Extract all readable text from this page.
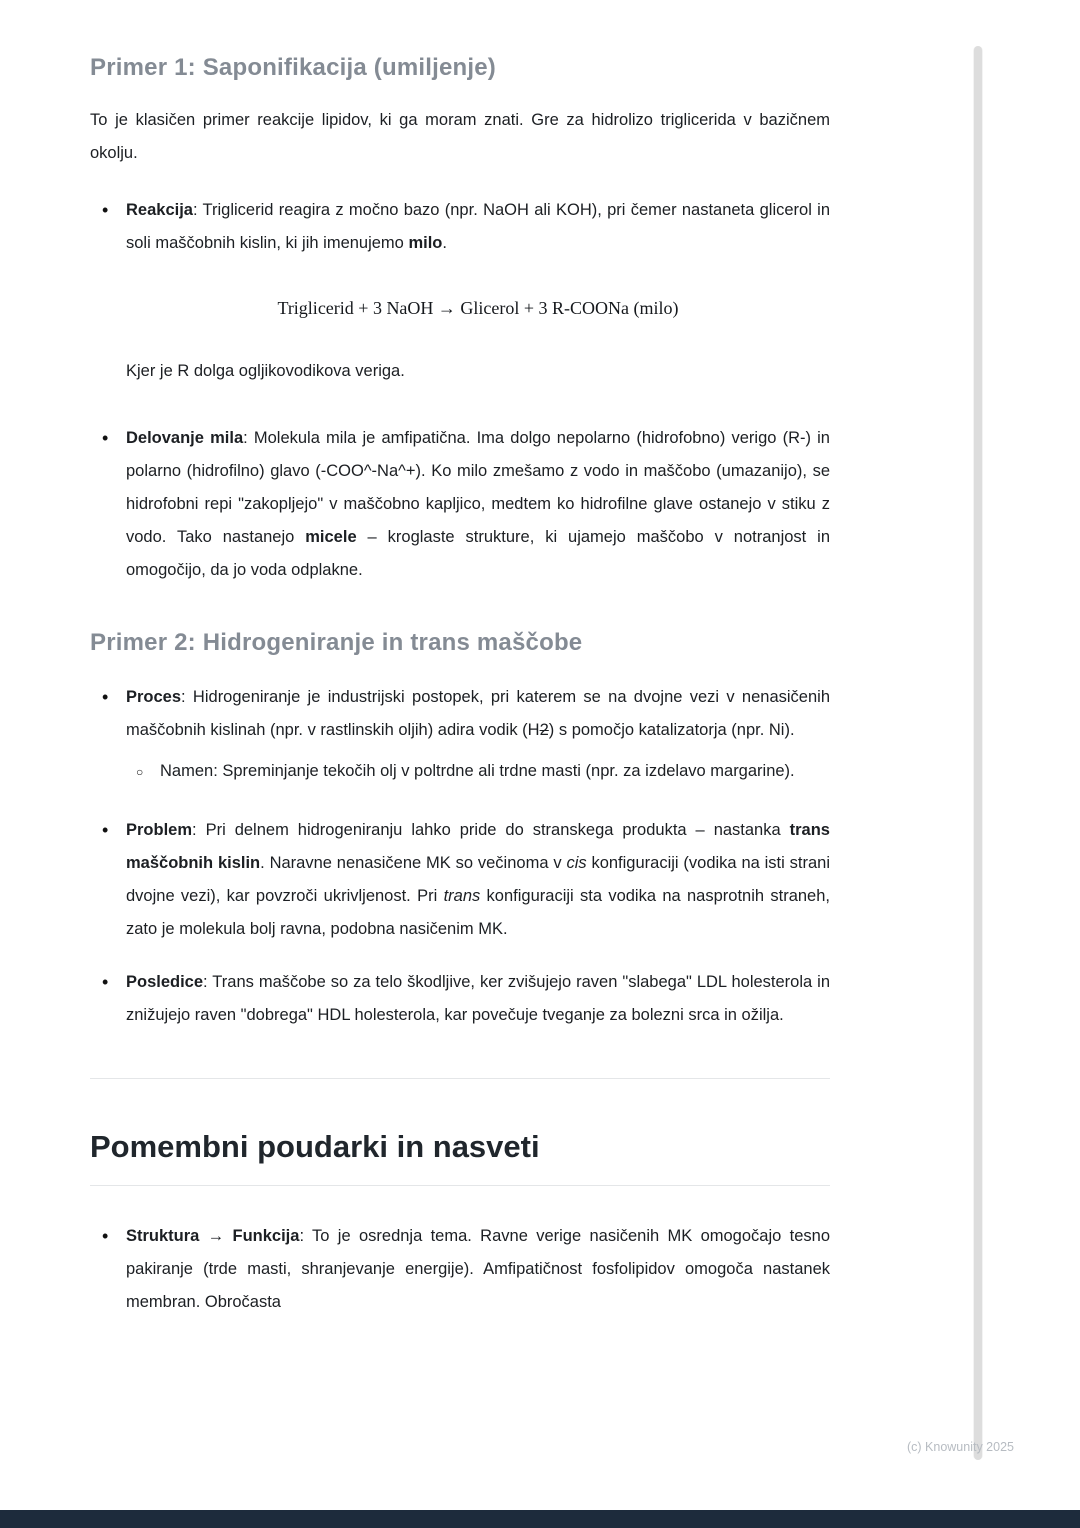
Primer 1: Saponifikacija (umiljenje)

To je klasičen primer reakcije lipidov, ki ga moram znati. Gre za hidrolizo triglicerida v bazičnem okolju.

• Reakcija: Triglicerid reagira z močno bazo (npr. NaOH ali KOH), pri čemer nastaneta glicerol in soli maščobnih kislin, ki jih imenujemo milo.
Triglicerid + 3 NaOH → Glicerol + 3 R-COONa (milo)
Kjer je R dolga ogljikovodikova veriga.
• Delovanje mila: Molekula mila je amfipatična. Ima dolgo nepolarno (hidrofobno) verigo (R-) in polarno (hidrofilno) glavo (-COO^-Na^+). Ko milo zmešamo z vodo in maščobo (umazanijo), se hidrofobni repi "zakopljejo" v maščobno kapljico, medtem ko hidrofilne glave ostanejo v stiku z vodo. Tako nastanejo micele – kroglaste strukture, ki ujamejo maščobo v notranjost in omogočijo, da jo voda odplakne.
Primer 2: Hidrogeniranje in trans maščobe
• Proces: Hidrogeniranje je industrijski postopek, pri katerem se na dvojne vezi v nenasičenih maščobnih kislinah (npr. v rastlinskih oljih) adira vodik (H2) s pomočjo katalizatorja (npr. Ni).
○ Namen: Spreminjanje tekočih olj v poltrdne ali trdne masti (npr. za izdelavo margarine).
• Problem: Pri delnem hidrogeniranju lahko pride do stranskega produkta – nastanka trans maščobnih kislin. Naravne nenasičene MK so večinoma v cis konfiguraciji (vodika na isti strani dvojne vezi), kar povzroči ukrivljenost. Pri trans konfiguraciji sta vodika na nasprotnih straneh, zato je molekula bolj ravna, podobna nasičenim MK.
• Posledice: Trans maščobe so za telo škodljive, ker zvišujejo raven "slabega" LDL holesterola in znižujejo raven "dobrega" HDL holesterola, kar povečuje tveganje za bolezni srca in ožilja.
Pomembni poudarki in nasveti
• Struktura → Funkcija: To je osrednja tema. Ravne verige nasičenih MK omogočajo tesno pakiranje (trde masti, shranjevanje energije). Amfipatičnost fosfolipidov omogoča nastanek membran. Obročasta
(c) Knowunity 2025
